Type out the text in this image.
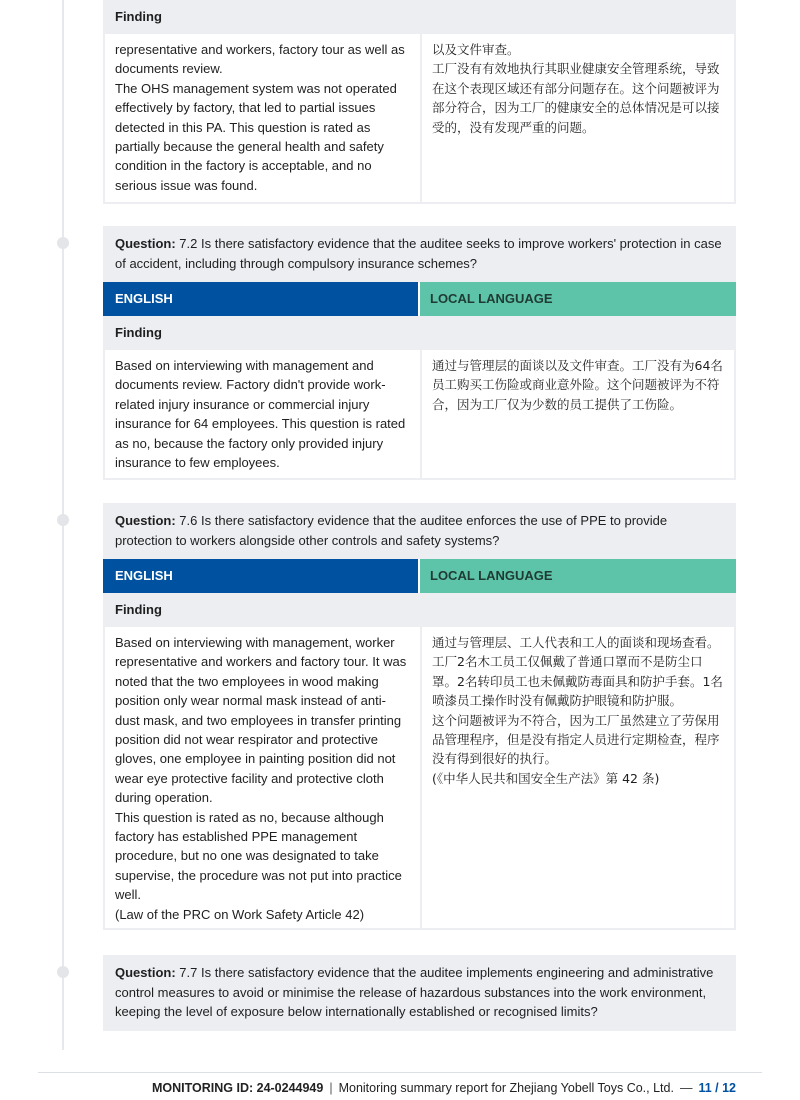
Finding
representative and workers, factory tour as well as documents review.
The OHS management system was not operated effectively by factory, that led to partial issues detected in this PA. This question is rated as partially because the general health and safety condition in the factory is acceptable, and no serious issue was found.
以及文件审查。
工厂没有有效地执行其职业健康安全管理系统，导致在这个表现区域还有部分问题存在。这个问题被评为部分符合，因为工厂的健康安全的总体情况是可以接受的，没有发现严重的问题。
Question: 7.2 Is there satisfactory evidence that the auditee seeks to improve workers' protection in case of accident, including through compulsory insurance schemes?
ENGLISH	LOCAL LANGUAGE
Finding
Based on interviewing with management and documents review. Factory didn't provide work-related injury insurance or commercial injury insurance for 64 employees. This question is rated as no, because the factory only provided injury insurance to few employees.
通过与管理层的面谈以及文件审查。工厂没有为64名员工购买工伤险或商业意外险。这个问题被评为不符合，因为工厂仅为少数的员工提供了工伤险。
Question: 7.6 Is there satisfactory evidence that the auditee enforces the use of PPE to provide protection to workers alongside other controls and safety systems?
ENGLISH	LOCAL LANGUAGE
Finding
Based on interviewing with management, worker representative and workers and factory tour. It was noted that the two employees in wood making position only wear normal mask instead of anti-dust mask, and two employees in transfer printing position did not wear respirator and protective gloves, one employee in painting position did not wear eye protective facility and protective cloth during operation.
This question is rated as no, because although factory has established PPE management procedure, but no one was designated to take supervise, the procedure was not put into practice well.
(Law of the PRC on Work Safety Article 42)
通过与管理层、工人代表和工人的面谈和现场查看。工厂2名木工员工仅佩戴了普通口罩而不是防尘口罩。2名转印员工也未佩戴防毒面具和防护手套。1名喷漆员工操作时没有佩戴防护眼镜和防护服。
这个问题被评为不符合，因为工厂虽然建立了劳保用品管理程序，但是没有指定人员进行定期检查，程序没有得到很好的执行。
(《中华人民共和国安全生产法》第 42 条)
Question: 7.7 Is there satisfactory evidence that the auditee implements engineering and administrative control measures to avoid or minimise the release of hazardous substances into the work environment, keeping the level of exposure below internationally established or recognised limits?
MONITORING ID: 24-0244949 | Monitoring summary report for Zhejiang Yobell Toys Co., Ltd. — 11 / 12
